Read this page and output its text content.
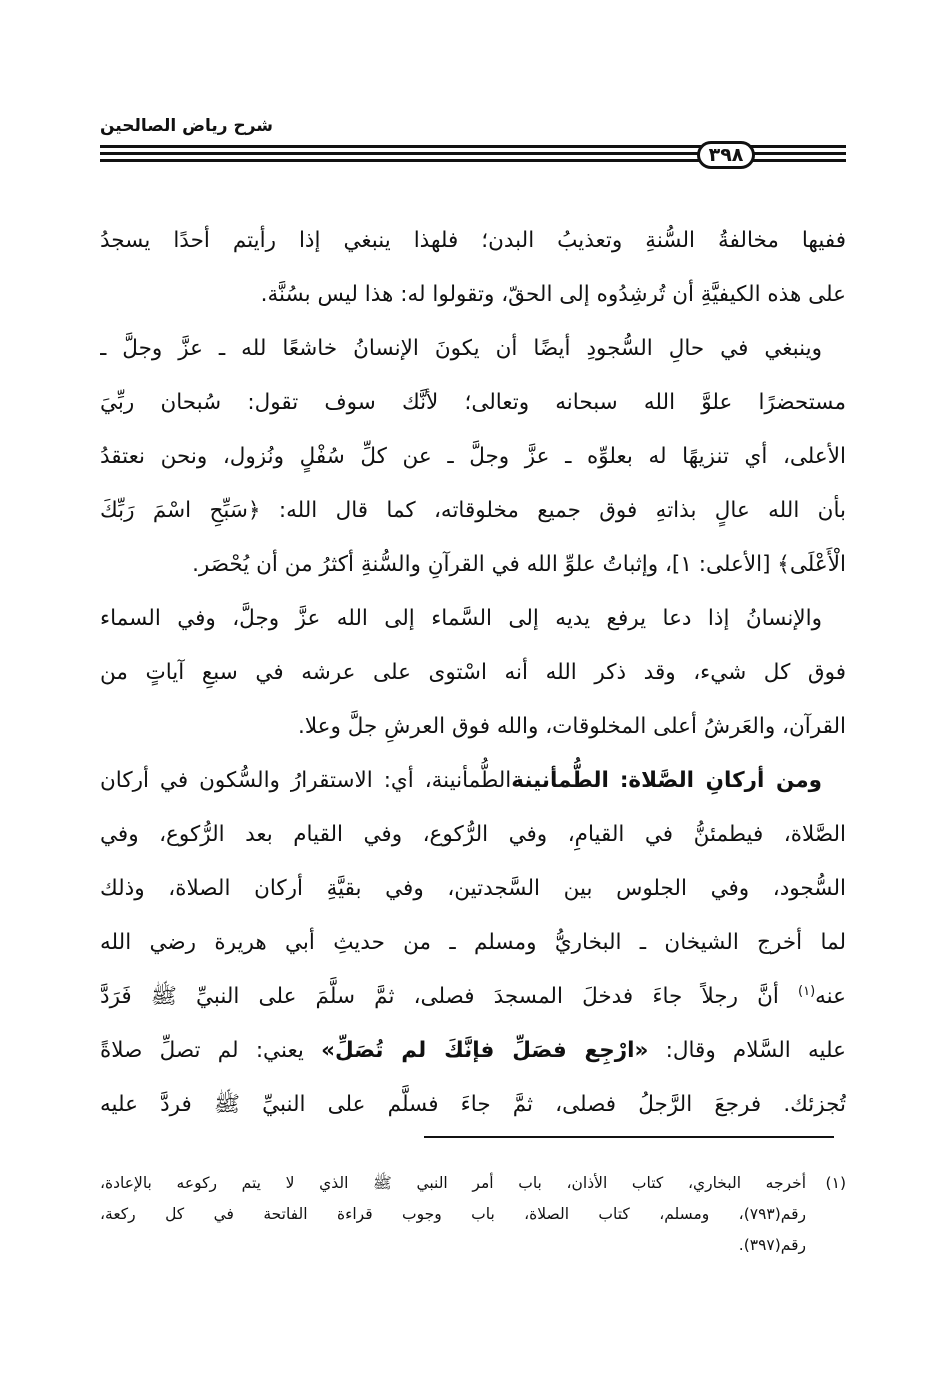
شرح رياض الصالحين
٣٩٨
ففيها مخالفةُ السُّنةِ وتعذيبُ البدن؛ فلهذا ينبغي إذا رأيتم أحدًا يسجدُ
على هذه الكيفيَّةِ أن تُرشِدُوه إلى الحقّ، وتقولوا له: هذا ليس بسُنَّة.
وينبغي في حالِ السُّجودِ أيضًا أن يكونَ الإنسانُ خاشعًا لله ـ عزَّ وجلَّ ـ
مستحضرًا علوَّ الله سبحانه وتعالى؛ لأنَّك سوف تقول: سُبحان ربِّيَ
الأعلى، أي تنزيهًا له بعلوِّه ـ عزَّ وجلَّ ـ عن كلِّ سُفْلٍ ونُزول، ونحن نعتقدُ
بأن الله عالٍ بذاتهِ فوق جميع مخلوقاته، كما قال الله: ﴿سَبِّحِ اسْمَ رَبِّكَ
الْأَعْلَى﴾ [الأعلى: ١]، وإثباتُ علوِّ الله في القرآنِ والسُّنةِ أكثرُ من أن يُحْصَر.
والإنسانُ إذا دعا يرفع يديه إلى السَّماء إلى الله عزَّ وجلَّ، وفي السماء
فوق كل شيء، وقد ذكر الله أنه اسْتوى على عرشه في سبعِ آياتٍ من
القرآن، والعَرشُ أعلى المخلوقات، والله فوق العرشِ جلَّ وعلا.
ومن أركانِ الصَّلاة: الطُّمأنينةالطُّمأنينة، أي: الاستقرارُ والسُّكون في أركان
الصَّلاة، فيطمئنُّ في القيامِ، وفي الرُّكوع، وفي القيام بعد الرُّكوع، وفي
السُّجود، وفي الجلوس بين السَّجدتين، وفي بقيَّةِ أركان الصلاة، وذلك
لما أخرج الشيخان ـ البخاريُّ ومسلم ـ من حديثِ أبي هريرة رضي الله
عنه$^{(١)}$ أنَّ رجلاً جاءَ فدخلَ المسجدَ فصلى، ثمَّ سلَّمَ على النبيِّ ﷺ فَرَدَّ
عليه السَّلام وقال: «ارْجِع فصَلِّ فإنَّكَ لم تُصَلِّ» يعني: لم تصلِّ صلاةً
تُجزئك. فرجعَ الرَّجلُ فصلى، ثمَّ جاءَ فسلَّم على النبيِّ ﷺ فردَّ عليه
(١)أخرجه البخاري، كتاب الأذان، باب أمر النبي ﷺ الذي لا يتم ركوعه بالإعادة،
رقم(٧٩٣)، ومسلم، كتاب الصلاة، باب وجوب قراءة الفاتحة في كل ركعة،
رقم(٣٩٧).
